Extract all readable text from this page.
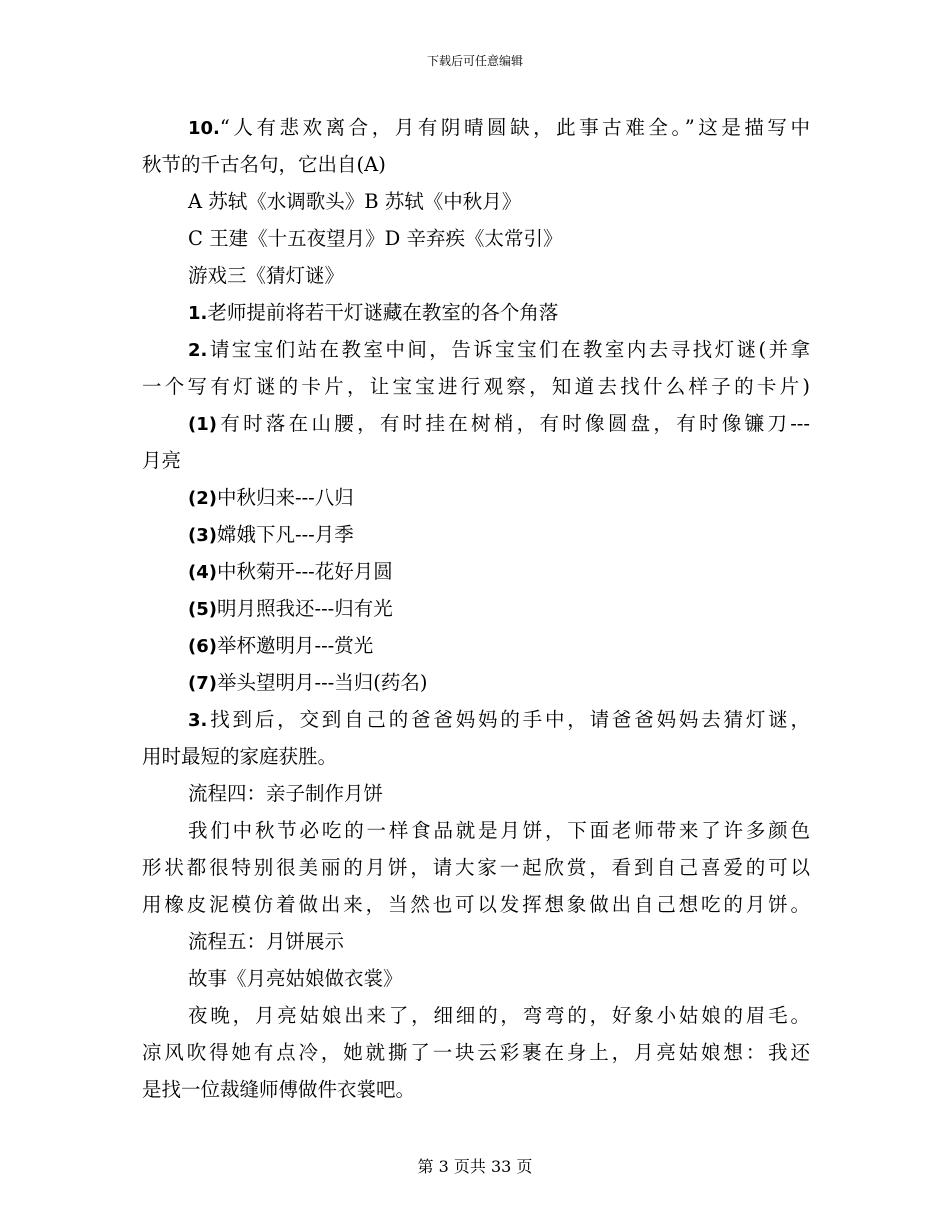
下载后可任意编辑
10.“人有悲欢离合，月有阴晴圆缺，此事古难全。”这是描写中
秋节的千古名句，它出自(A)
A 苏轼《水调歌头》B 苏轼《中秋月》
C 王建《十五夜望月》D 辛弃疾《太常引》
游戏三《猜灯谜》
1.老师提前将若干灯谜藏在教室的各个角落
2.请宝宝们站在教室中间，告诉宝宝们在教室内去寻找灯谜(并拿
一个写有灯谜的卡片，让宝宝进行观察，知道去找什么样子的卡片)
(1)有时落在山腰，有时挂在树梢，有时像圆盘，有时像镰刀---
月亮
(2)中秋归来---八归
(3)嫦娥下凡---月季
(4)中秋菊开---花好月圆
(5)明月照我还---归有光
(6)举杯邀明月---赏光
(7)举头望明月---当归(药名)
3.找到后，交到自己的爸爸妈妈的手中，请爸爸妈妈去猜灯谜，
用时最短的家庭获胜。
流程四：亲子制作月饼
我们中秋节必吃的一样食品就是月饼，下面老师带来了许多颜色
形状都很特别很美丽的月饼，请大家一起欣赏，看到自己喜爱的可以
用橡皮泥模仿着做出来，当然也可以发挥想象做出自己想吃的月饼。
流程五：月饼展示
故事《月亮姑娘做衣裳》
夜晚，月亮姑娘出来了，细细的，弯弯的，好象小姑娘的眉毛。
凉风吹得她有点冷，她就撕了一块云彩裹在身上，月亮姑娘想：我还
是找一位裁缝师傅做件衣裳吧。
第 3 页共 33 页
